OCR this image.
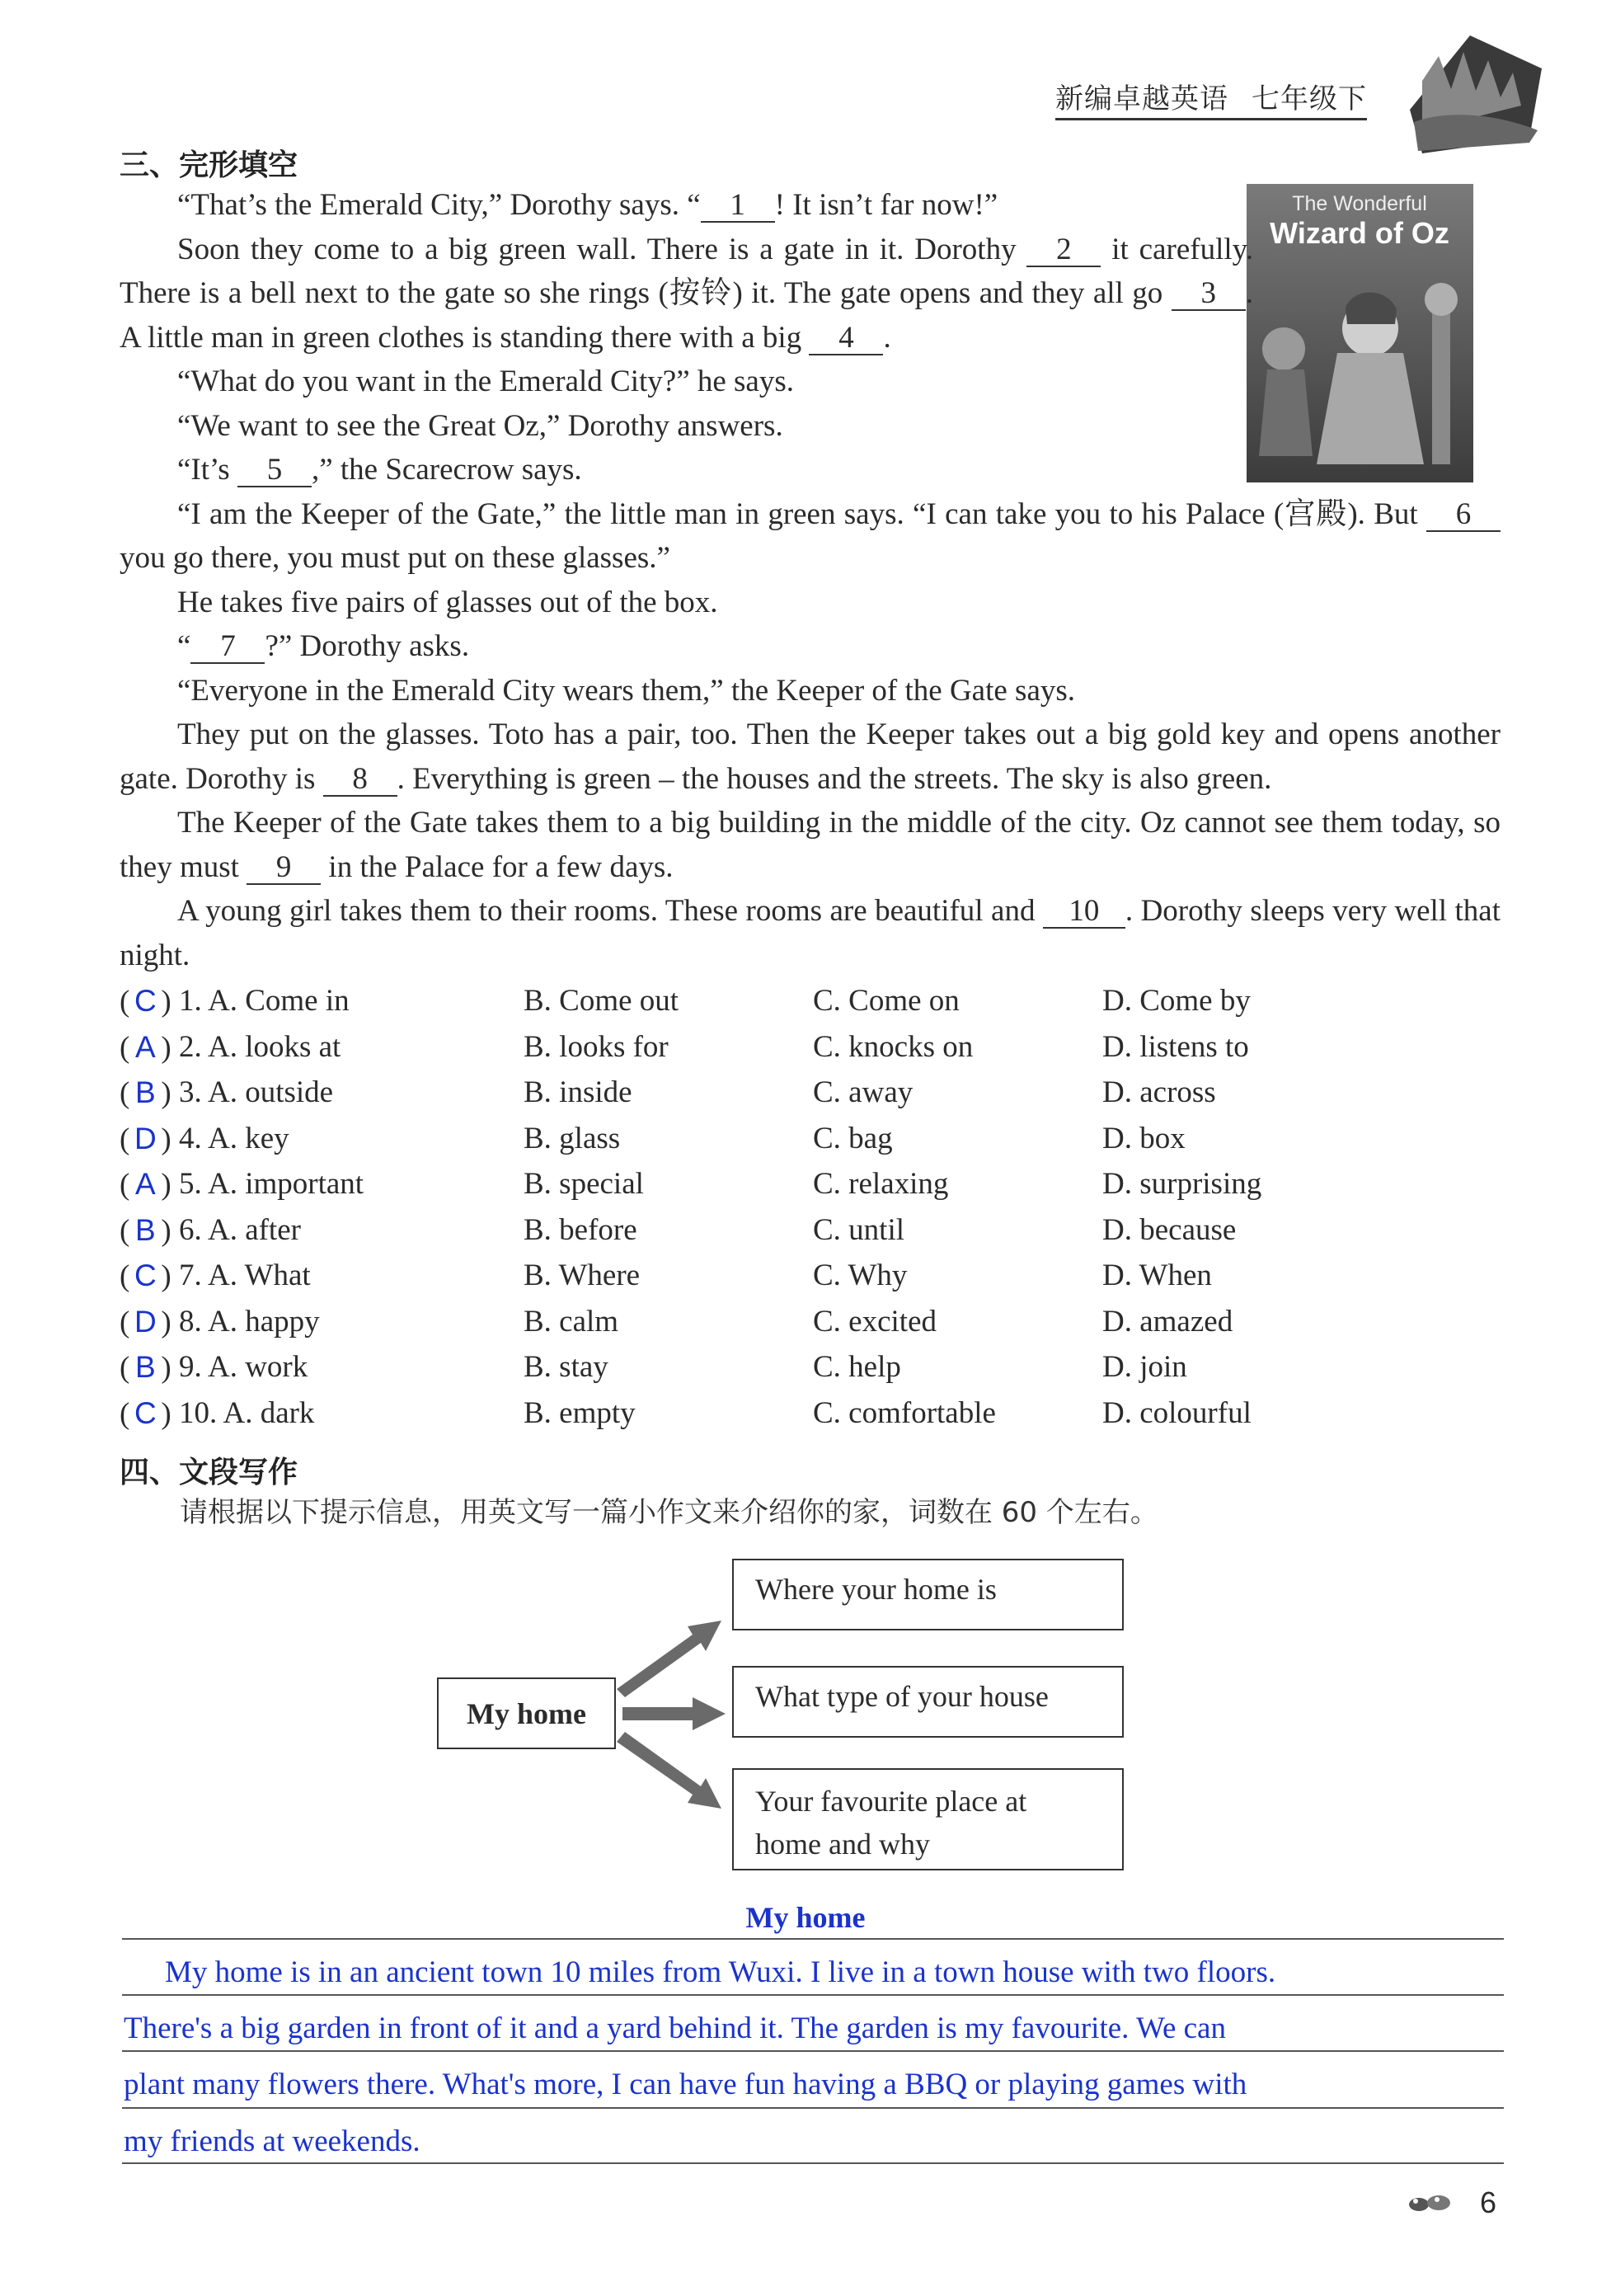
新编卓越英语 七年级下
三、完形填空
The Wonderful
Wizard of Oz

“That’s the Emerald City,” Dorothy says. “ 1 ! It isn’t far now!”

Soon they come to a big green wall. There is a gate in it. Dorothy 2 it carefully. There is a bell next to the gate so she rings (按铃) it. The gate opens and they all go 3 . A little man in green clothes is standing there with a big 4 .

“What do you want in the Emerald City?” he says.

“We want to see the Great Oz,” Dorothy answers.

“It’s 5 ,” the Scarecrow says.

“I am the Keeper of the Gate,” the little man in green says. “I can take you to his Palace (宫殿). But 6 you go there, you must put on these glasses.”

He takes five pairs of glasses out of the box.

“ 7 ?” Dorothy asks.

“Everyone in the Emerald City wears them,” the Keeper of the Gate says.

They put on the glasses. Toto has a pair, too. Then the Keeper takes out a big gold key and opens another gate. Dorothy is 8 . Everything is green – the houses and the streets. The sky is also green.

The Keeper of the Gate takes them to a big building in the middle of the city. Oz cannot see them today, so they must 9 in the Palace for a few days.

A young girl takes them to their rooms. These rooms are beautiful and 10 . Dorothy sleeps very well that night.

( C ) 1. A. Come in	B. Come out	C. Come on	D. Come by
( A ) 2. A. looks at	B. looks for	C. knocks on	D. listens to
( B ) 3. A. outside	B. inside	C. away	D. across
( D ) 4. A. key	B. glass	C. bag	D. box
( A ) 5. A. important	B. special	C. relaxing	D. surprising
( B ) 6. A. after	B. before	C. until	D. because
( C ) 7. A. What	B. Where	C. Why	D. When
( D ) 8. A. happy	B. calm	C. excited	D. amazed
( B ) 9. A. work	B. stay	C. help	D. join
( C ) 10. A. dark	B. empty	C. comfortable	D. colourful
四、文段写作
请根据以下提示信息，用英文写一篇小作文来介绍你的家，词数在 60 个左右。
My home
Where your home is
What type of your house
Your favourite place at
home and why
My home
My home is in an ancient town 10 miles from Wuxi. I live in a town house with two floors.
There's a big garden in front of it and a yard behind it. The garden is my favourite. We can
plant many flowers there. What's more, I can have fun having a BBQ or playing games with
my friends at weekends.
6
